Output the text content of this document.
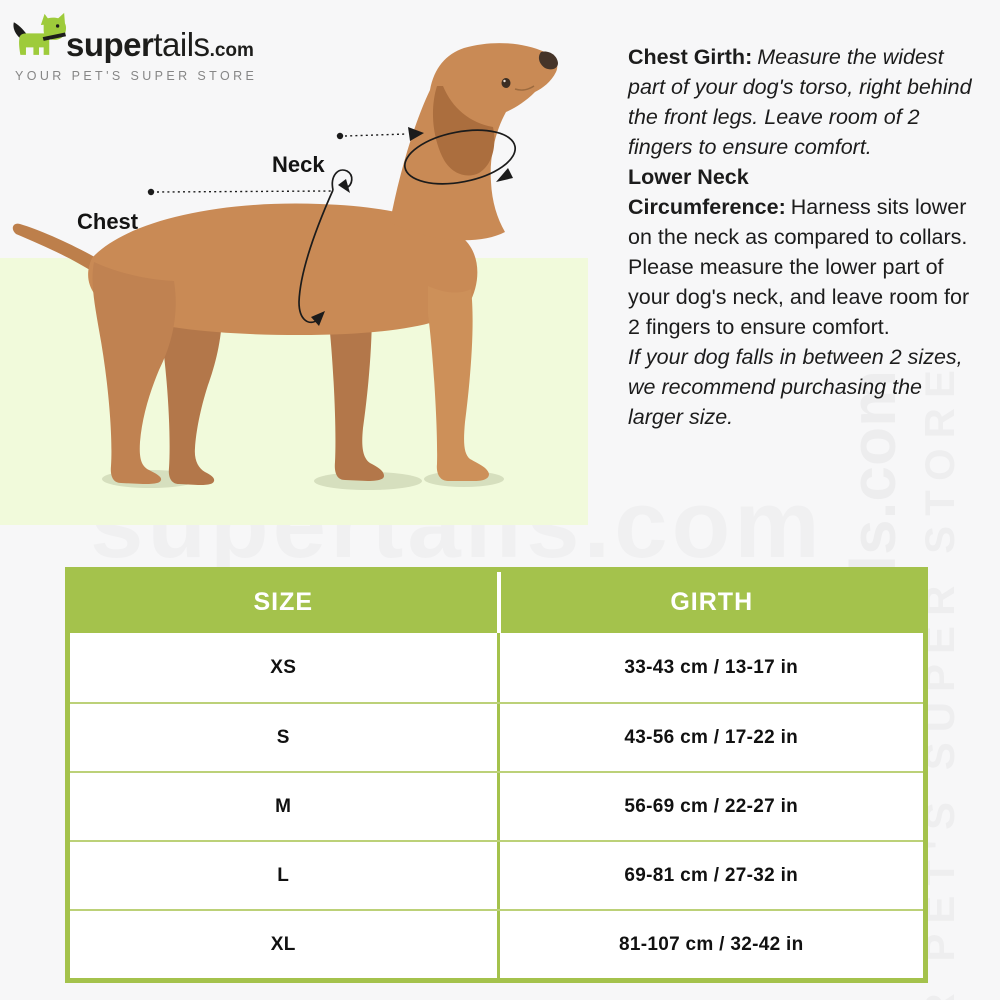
super tails .com
YOUR PET'S SUPER STORE
Neck
Chest

Chest Girth: Measure the widest part of your dog's torso, right behind the front legs. Leave room of 2 fingers to ensure comfort.

Lower Neck Circumference: Harness sits lower on the neck as compared to collars. Please measure the lower part of your dog's neck, and leave room for 2 fingers to ensure comfort.

If your dog falls in between 2 sizes, we recommend purchasing the larger size.

SIZE	GIRTH
XS	33-43 cm / 13-17 in
S	43-56 cm / 17-22 in
M	56-69 cm / 22-27 in
L	69-81 cm / 27-32 in
XL	81-107 cm / 32-42 in
